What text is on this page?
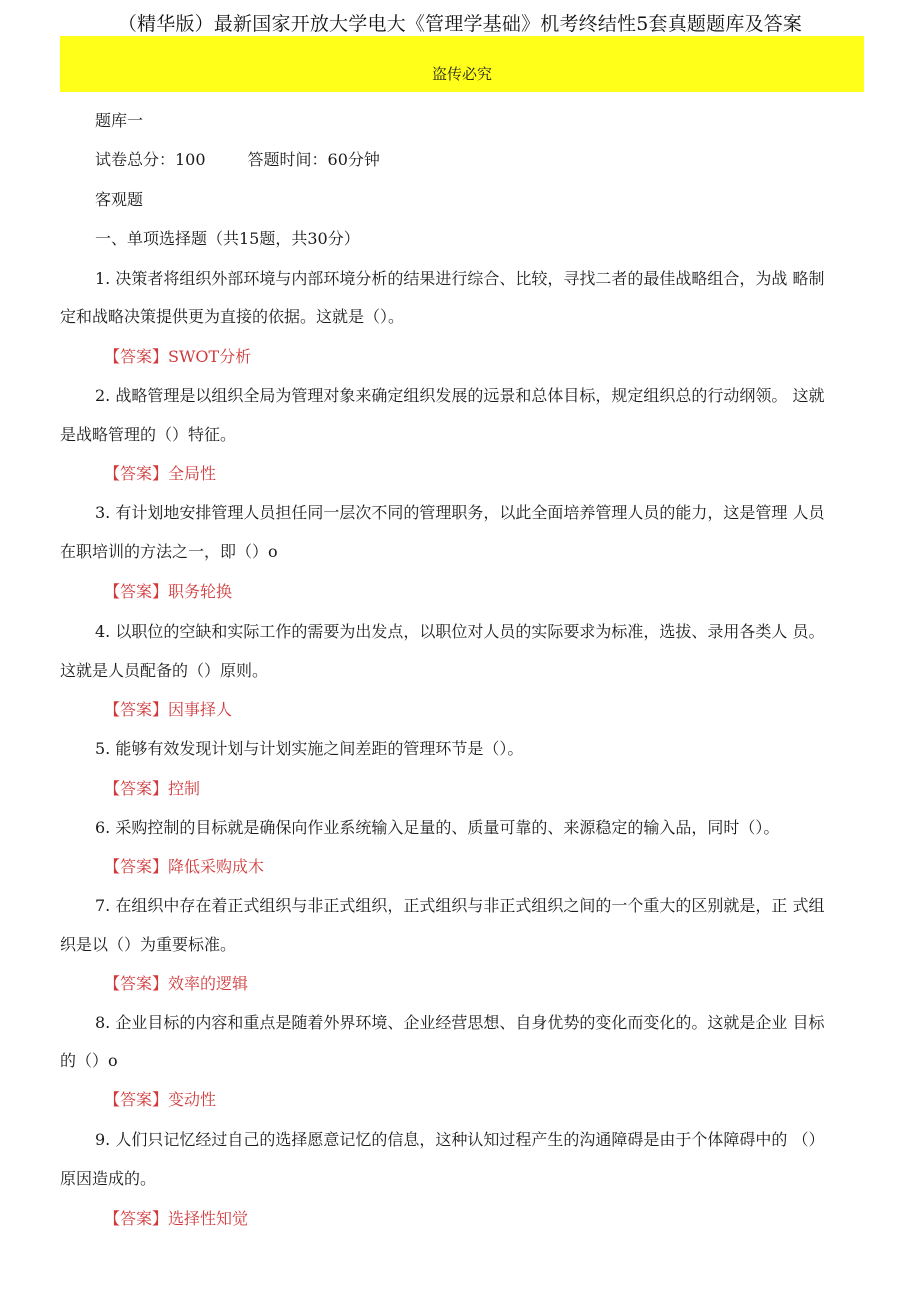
（精华版）最新国家开放大学电大《管理学基础》机考终结性5套真题题库及答案
盗传必究
题库一
试卷总分：100	答题时间：60分钟
客观题
一、单项选择题（共15题，共30分）
1. 决策者将组织外部环境与内部环境分析的结果进行综合、比较，寻找二者的最佳战略组合，为战 略制
定和战略决策提供更为直接的依据。这就是（）。
【答案】SWOT分析
2. 战略管理是以组织全局为管理对象来确定组织发展的远景和总体目标，规定组织总的行动纲领。 这就
是战略管理的（）特征。
【答案】全局性
3. 有计划地安排管理人员担任同一层次不同的管理职务，以此全面培养管理人员的能力，这是管理 人员
在职培训的方法之一，即（）o
【答案】职务轮换
4. 以职位的空缺和实际工作的需要为出发点，以职位对人员的实际要求为标准，选拔、录用各类人 员。
这就是人员配备的（）原则。
【答案】因事择人
5. 能够有效发现计划与计划实施之间差距的管理环节是（）。
【答案】控制
6. 采购控制的目标就是确保向作业系统输入足量的、质量可靠的、来源稳定的输入品，同时（）。
【答案】降低采购成木
7. 在组织中存在着正式组织与非正式组织，正式组织与非正式组织之间的一个重大的区别就是，正 式组
织是以（）为重要标准。
【答案】效率的逻辑
8. 企业目标的内容和重点是随着外界环境、企业经营思想、自身优势的变化而变化的。这就是企业 目标
的（）o
【答案】变动性
9. 人们只记忆经过自己的选择愿意记忆的信息，这种认知过程产生的沟通障碍是由于个体障碍中的 （）
原因造成的。
【答案】选择性知觉
